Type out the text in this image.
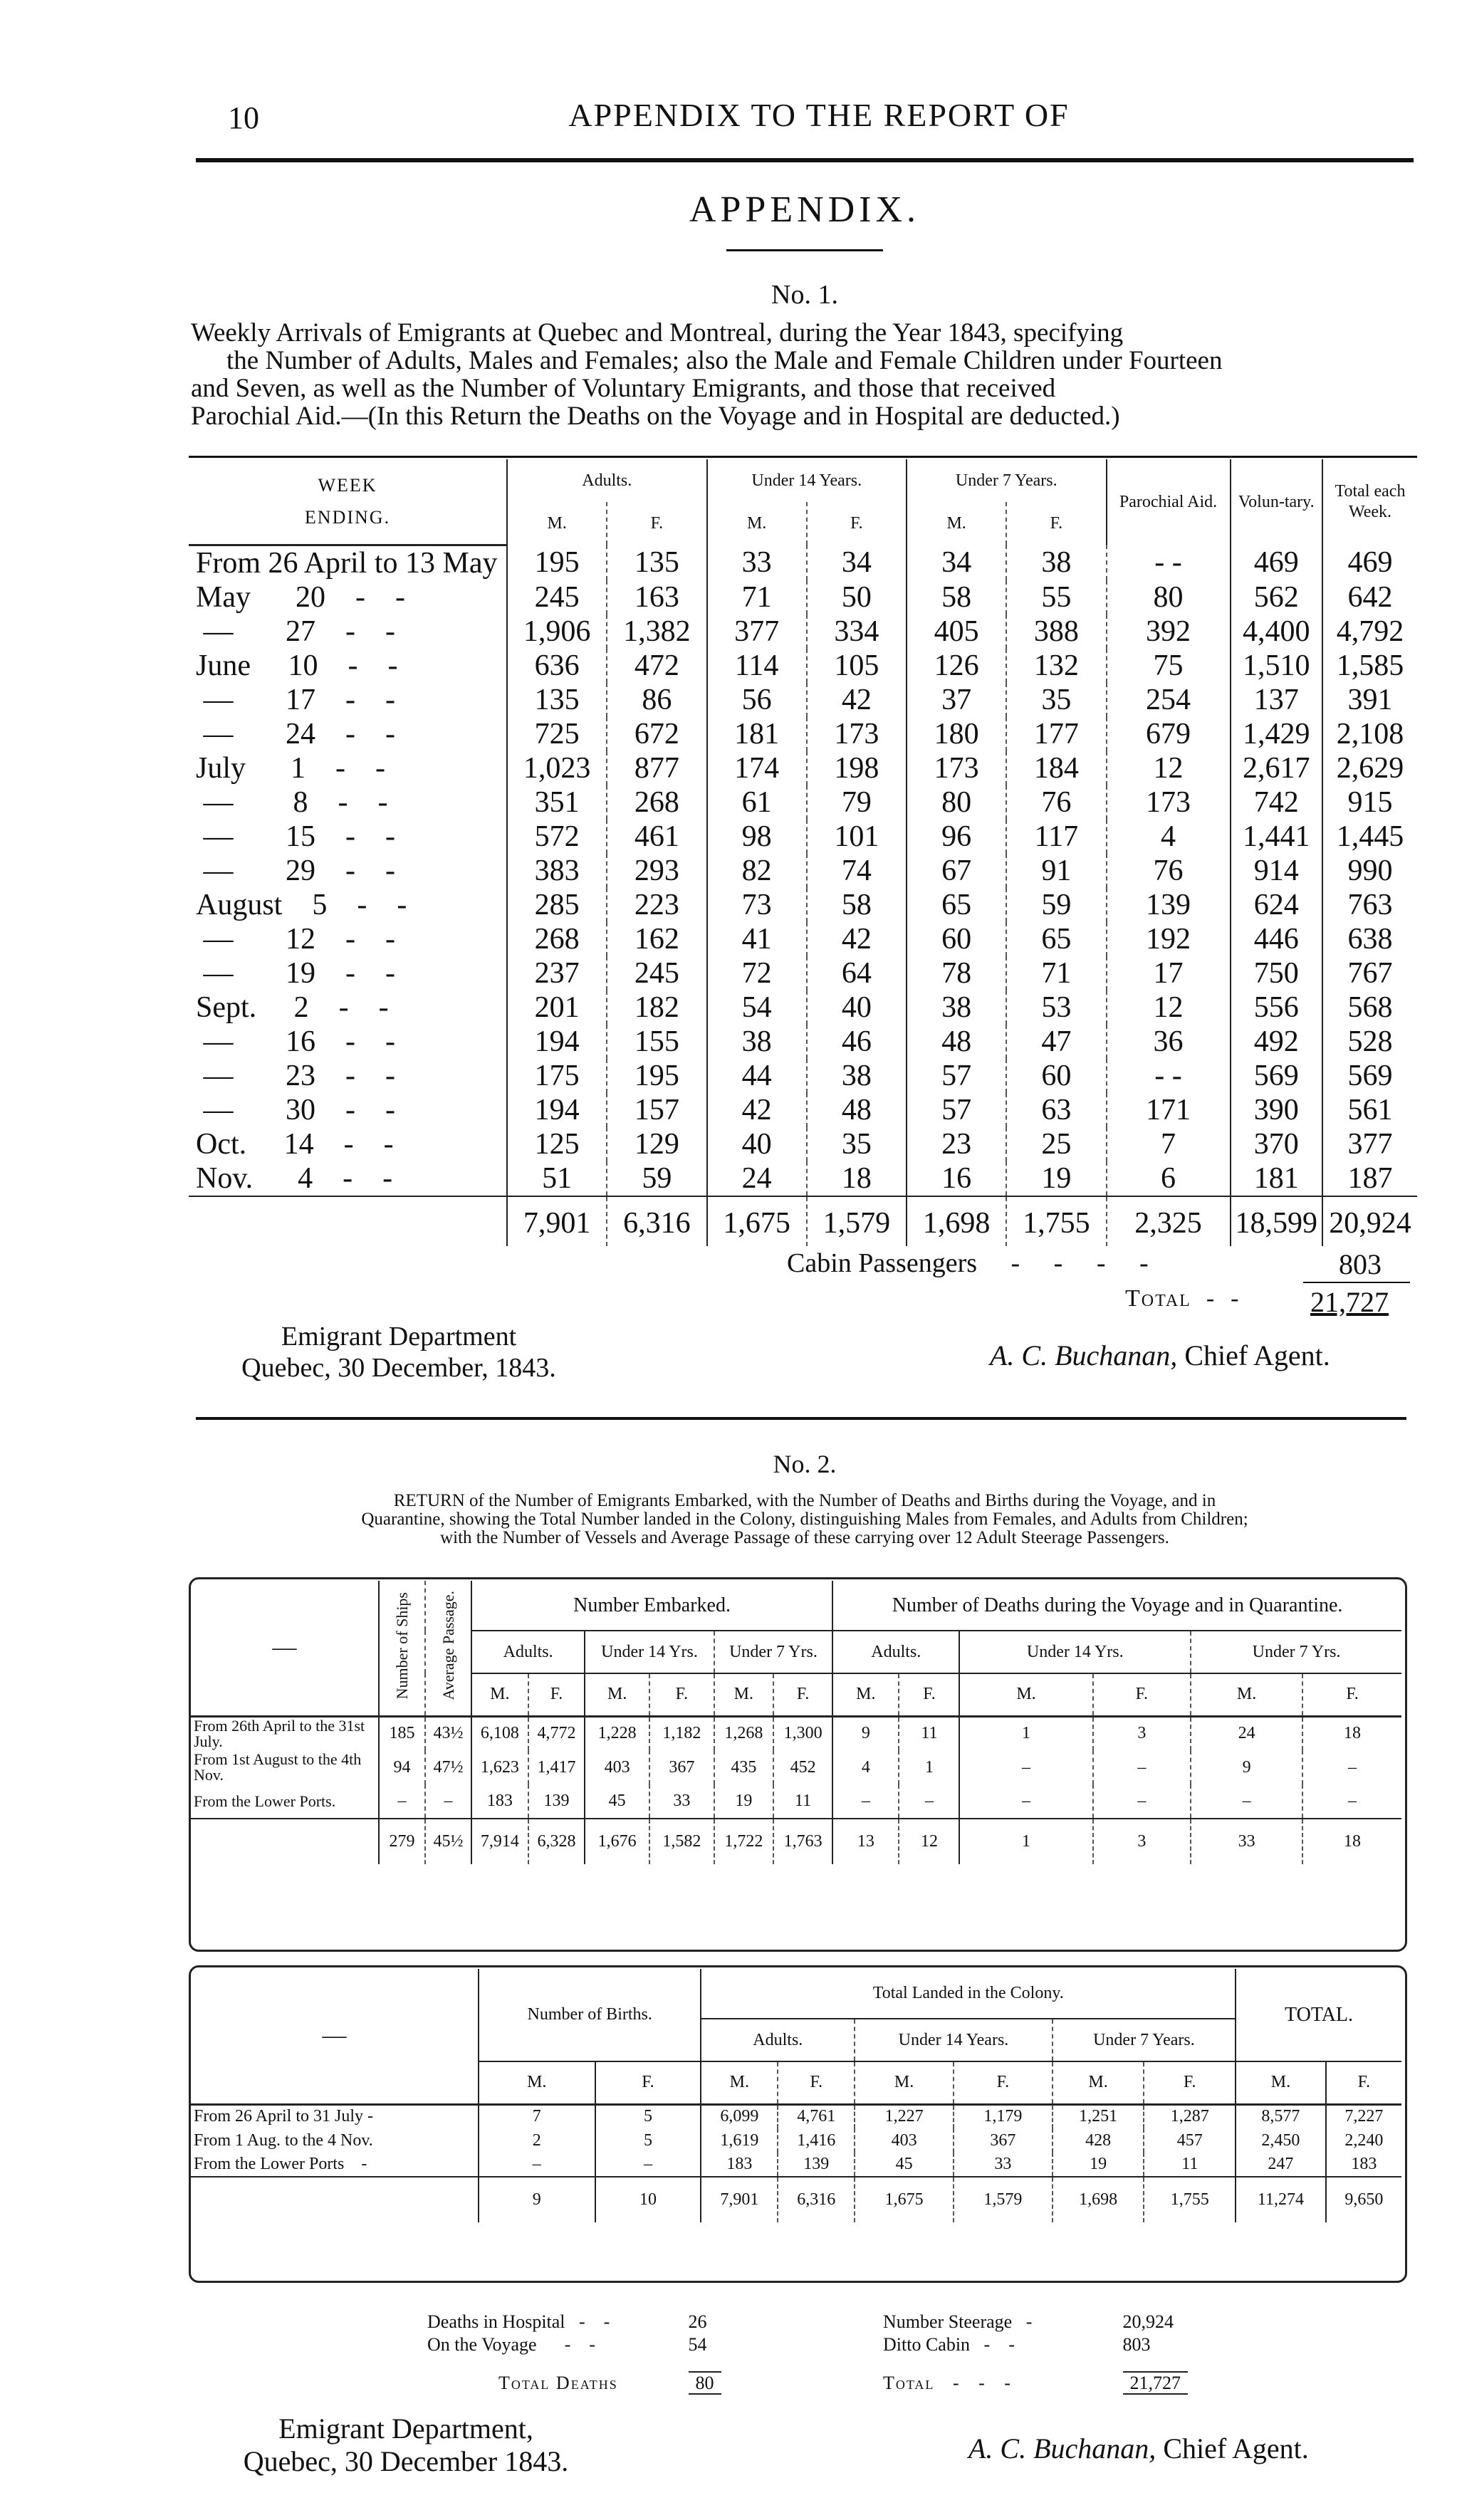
10	APPENDIX TO THE REPORT OF
APPENDIX.
No. 1.
Weekly Arrivals of Emigrants at Quebec and Montreal, during the Year 1843, specifying
the Number of Adults, Males and Females; also the Male and Female Children under Fourteen
and Seven, as well as the Number of Voluntary Emigrants, and those that received
Parochial Aid.—(In this Return the Deaths on the Voyage and in Hospital are deducted.)
WEEK
ENDING.	Adults.		Under 14 Years.		Under 7 Years.		Parochial Aid.	Volun-tary.	Total each Week.
	M.	F.	M.	F.	M.	F.			
From 26 April to 13 May	195	135	33	34	34	38	- -	469	469
May      20    -    -	245	163	71	50	58	55	80	562	642
—       27    -    -	1,906	1,382	377	334	405	388	392	4,400	4,792
June     10    -    -	636	472	114	105	126	132	75	1,510	1,585
—       17    -    -	135	86	56	42	37	35	254	137	391
—       24    -    -	725	672	181	173	180	177	679	1,429	2,108
July      1    -    -	1,023	877	174	198	173	184	12	2,617	2,629
—        8    -    -	351	268	61	79	80	76	173	742	915
—       15    -    -	572	461	98	101	96	117	4	1,441	1,445
—       29    -    -	383	293	82	74	67	91	76	914	990
August    5    -    -	285	223	73	58	65	59	139	624	763
—       12    -    -	268	162	41	42	60	65	192	446	638
—       19    -    -	237	245	72	64	78	71	17	750	767
Sept.     2    -    -	201	182	54	40	38	53	12	556	568
—       16    -    -	194	155	38	46	48	47	36	492	528
—       23    -    -	175	195	44	38	57	60	- -	569	569
—       30    -    -	194	157	42	48	57	63	171	390	561
Oct.     14    -    -	125	129	40	35	23	25	7	370	377
Nov.      4    -    -	51	59	24	18	16	19	6	181	187
	7,901	6,316	1,675	1,579	1,698	1,755	2,325	18,599	20,924
Cabin Passengers     -     -     -     -	803
Total  -  - 21,727
Emigrant Department
Quebec, 30 December, 1843.	A. C. Buchanan, Chief Agent.
No. 2.
RETURN of the Number of Emigrants Embarked, with the Number of Deaths and Births during the Voyage, and in
Quarantine, showing the Total Number landed in the Colony, distinguishing Males from Females, and Adults from Children;
with the Number of Vessels and Average Passage of these carrying over 12 Adult Steerage Passengers.
—	Number of Ships	Average Passage.	Number Embarked.						Number of Deaths during the Voyage and in Quarantine.					
			Adults.		Under 14 Yrs.		Under 7 Yrs.		Adults.		Under 14 Yrs.		Under 7 Yrs.	
			M.	F.	M.	F.	M.	F.	M.	F.	M.	F.	M.	F.
From 26th April to the 31st July.	185	43½	6,108	4,772	1,228	1,182	1,268	1,300	9	11	1	3	24	18
From 1st August to the 4th Nov.	94	47½	1,623	1,417	403	367	435	452	4	1	–	–	9	–
From the Lower Ports.	–	–	183	139	45	33	19	11	–	–	–	–	–	–
	279	45½	7,914	6,328	1,676	1,582	1,722	1,763	13	12	1	3	33	18
—	Number of Births.		Total Landed in the Colony.						TOTAL.	
			Adults.		Under 14 Years.		Under 7 Years.			
	M.	F.	M.	F.	M.	F.	M.	F.	M.	F.
From 26 April to 31 July -	7	5	6,099	4,761	1,227	1,179	1,251	1,287	8,577	7,227
From 1 Aug. to the 4 Nov.	2	5	1,619	1,416	403	367	428	457	2,450	2,240
From the Lower Ports    -	–	–	183	139	45	33	19	11	247	183
	9	10	7,901	6,316	1,675	1,579	1,698	1,755	11,274	9,650
Deaths in Hospital   -    -	26
On the Voyage      -    -	54
Total Deaths	80
Number Steerage   -	20,924
Ditto Cabin   -    -	803
Total   -   -   -	21,727
Emigrant Department,
Quebec, 30 December 1843.	A. C. Buchanan, Chief Agent.
